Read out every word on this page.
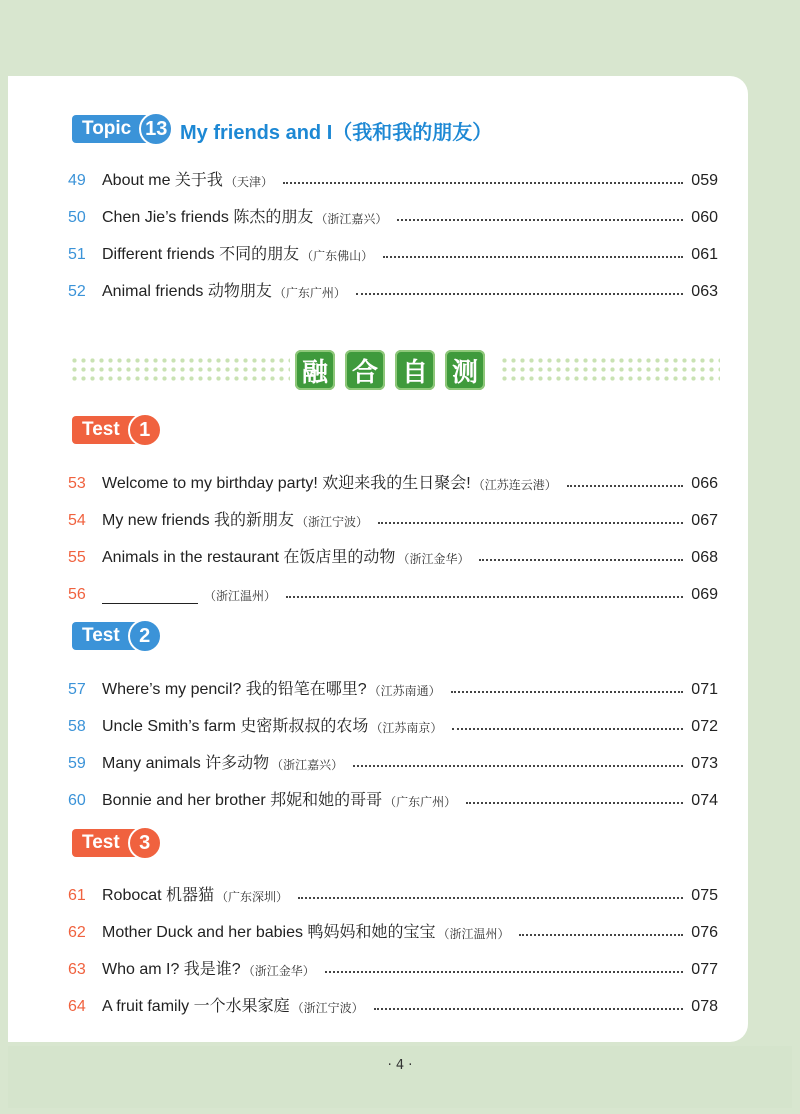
Topic 13 My friends and I（我和我的朋友）
49	About me 关于我 （天津）	059
50	Chen Jie’s friends 陈杰的朋友 （浙江嘉兴）	060
51	Different friends 不同的朋友 （广东佛山）	061
52	Animal friends 动物朋友 （广东广州）	063
融 合 自 测
Test 1
53	Welcome to my birthday party! 欢迎来我的生日聚会! （江苏连云港）	066
54	My new friends 我的新朋友 （浙江宁波）	067
55	Animals in the restaurant 在饭店里的动物 （浙江金华）	068
56	（浙江温州）	069
Test 2
57	Where’s my pencil? 我的铅笔在哪里? （江苏南通）	071
58	Uncle Smith’s farm 史密斯叔叔的农场 （江苏南京）	072
59	Many animals 许多动物 （浙江嘉兴）	073
60	Bonnie and her brother 邦妮和她的哥哥 （广东广州）	074
Test 3
61	Robocat 机器猫 （广东深圳）	075
62	Mother Duck and her babies 鸭妈妈和她的宝宝 （浙江温州）	076
63	Who am I? 我是谁? （浙江金华）	077
64	A fruit family 一个水果家庭 （浙江宁波）	078
· 4 ·
